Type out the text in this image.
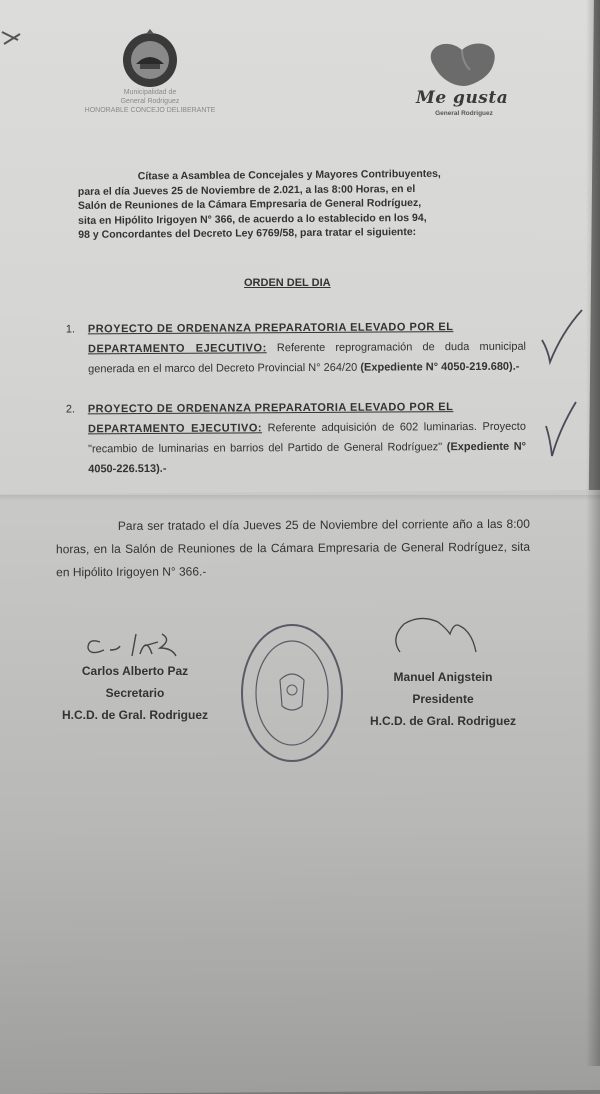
Municipalidad de
General Rodriguez
HONORABLE CONCEJO DELIBERANTE
Me gusta
General Rodriguez
Cítase a Asamblea de Concejales y Mayores Contribuyentes,
para el día Jueves 25 de Noviembre de 2.021, a las 8:00 Horas, en el
Salón de Reuniones de la Cámara Empresaria de General Rodríguez,
sita en Hipólito Irigoyen N° 366, de acuerdo a lo establecido en los 94,
98 y Concordantes del Decreto Ley 6769/58, para tratar el siguiente:
ORDEN DEL DIA
1. PROYECTO DE ORDENANZA PREPARATORIA ELEVADO POR EL
DEPARTAMENTO EJECUTIVO: Referente reprogramación de duda municipal generada en el marco del Decreto Provincial N° 264/20 (Expediente N° 4050-219.680).-
2. PROYECTO DE ORDENANZA PREPARATORIA ELEVADO POR EL
DEPARTAMENTO EJECUTIVO: Referente adquisición de 602 luminarias. Proyecto "recambio de luminarias en barrios del Partido de General Rodríguez" (Expediente N° 4050-226.513).-
Para ser tratado el día Jueves 25 de Noviembre del corriente año a las 8:00 horas, en la Salón de Reuniones de la Cámara Empresaria de General Rodríguez, sita en Hipólito Irigoyen N° 366.-
Carlos Alberto Paz
Secretario
H.C.D. de Gral. Rodriguez
Manuel Anigstein
Presidente
H.C.D. de Gral. Rodriguez
